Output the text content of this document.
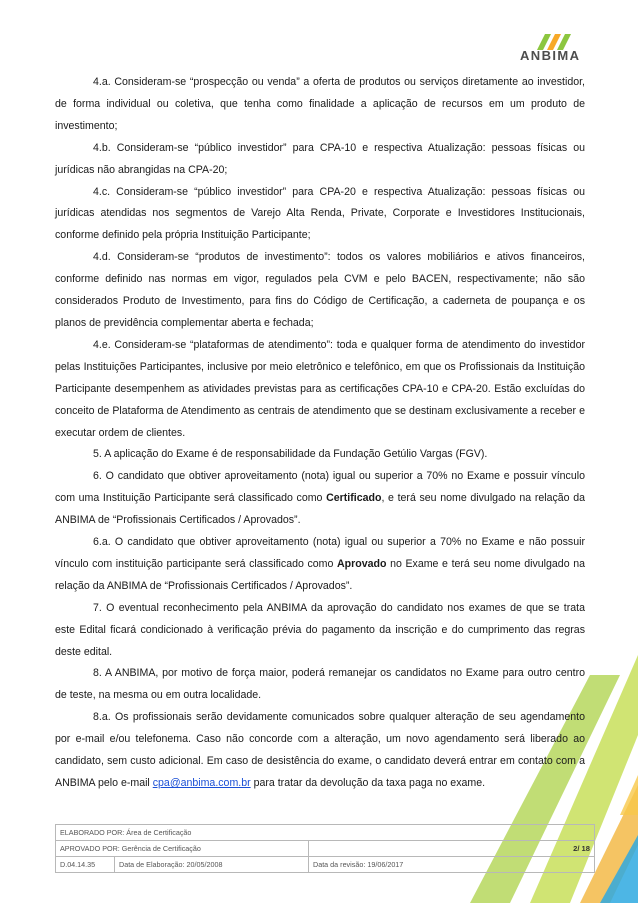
ANBIMA

4.a. Consideram-se “prospecção ou venda” a oferta de produtos ou serviços diretamente ao investidor, de forma individual ou coletiva, que tenha como finalidade a aplicação de recursos em um produto de investimento;

4.b. Consideram-se “público investidor” para CPA-10 e respectiva Atualização: pessoas físicas ou jurídicas não abrangidas na CPA-20;

4.c. Consideram-se “público investidor” para CPA-20 e respectiva Atualização: pessoas físicas ou jurídicas atendidas nos segmentos de Varejo Alta Renda, Private, Corporate e Investidores Institucionais, conforme definido pela própria Instituição Participante;

4.d. Consideram-se “produtos de investimento”: todos os valores mobiliários e ativos financeiros, conforme definido nas normas em vigor, regulados pela CVM e pelo BACEN, respectivamente; não são considerados Produto de Investimento, para fins do Código de Certificação, a caderneta de poupança e os planos de previdência complementar aberta e fechada;

4.e. Consideram-se “plataformas de atendimento”: toda e qualquer forma de atendimento do investidor pelas Instituições Participantes, inclusive por meio eletrônico e telefônico, em que os Profissionais da Instituição Participante desempenhem as atividades previstas para as certificações CPA-10 e CPA-20. Estão excluídas do conceito de Plataforma de Atendimento as centrais de atendimento que se destinam exclusivamente a receber e executar ordem de clientes.

5. A aplicação do Exame é de responsabilidade da Fundação Getúlio Vargas (FGV).

6. O candidato que obtiver aproveitamento (nota) igual ou superior a 70% no Exame e possuir vínculo com uma Instituição Participante será classificado como Certificado, e terá seu nome divulgado na relação da ANBIMA de “Profissionais Certificados / Aprovados”.

6.a. O candidato que obtiver aproveitamento (nota) igual ou superior a 70% no Exame e não possuir vínculo com instituição participante será classificado como Aprovado no Exame e terá seu nome divulgado na relação da ANBIMA de “Profissionais Certificados / Aprovados”.

7. O eventual reconhecimento pela ANBIMA da aprovação do candidato nos exames de que se trata este Edital ficará condicionado à verificação prévia do pagamento da inscrição e do cumprimento das regras deste edital.

8. A ANBIMA, por motivo de força maior, poderá remanejar os candidatos no Exame para outro centro de teste, na mesma ou em outra localidade.

8.a. Os profissionais serão devidamente comunicados sobre qualquer alteração de seu agendamento por e-mail e/ou telefonema. Caso não concorde com a alteração, um novo agendamento será liberado ao candidato, sem custo adicional. Em caso de desistência do exame, o candidato deverá entrar em contato com a ANBIMA pelo e-mail cpa@anbima.com.br para tratar da devolução da taxa paga no exame.

ELABORADO POR: Área de Certificação		
APROVADO POR: Gerência de Certificação		2/ 18
D.04.14.35	Data de Elaboração: 20/05/2008	Data da revisão: 19/06/2017
